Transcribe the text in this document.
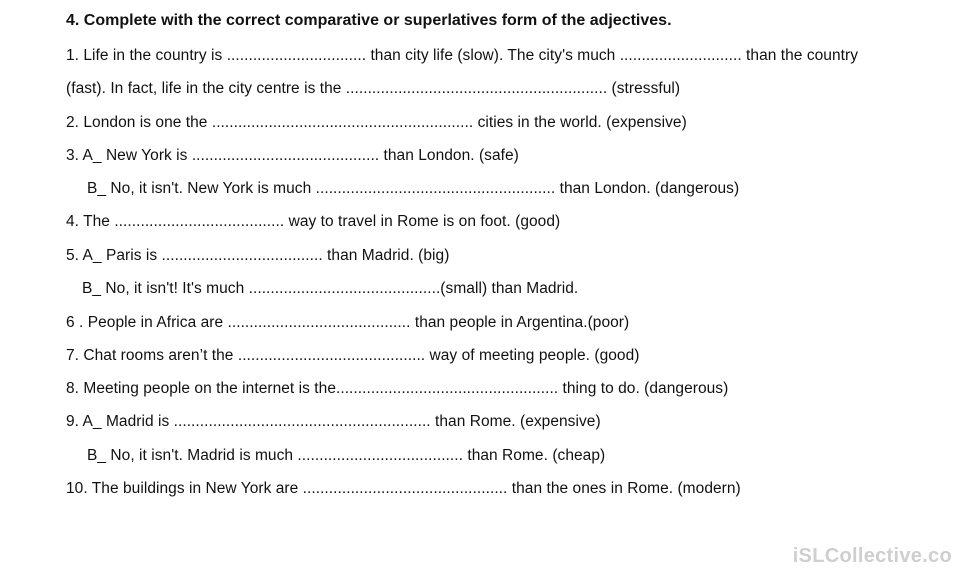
4. Complete with the correct comparative or superlatives form of the adjectives.
1. Life in the country is ................................ than city life (slow). The city's much ............................ than the country
(fast). In fact, life in the city centre is the ............................................................ (stressful)
2. London is one the ............................................................ cities in the world. (expensive)
3. A_ New York is ........................................... than London. (safe)
B_ No, it isn't. New York is much ....................................................... than London. (dangerous)
4. The ....................................... way to travel in Rome is on foot. (good)
5. A_ Paris is ..................................... than Madrid. (big)
B_ No, it isn't! It's much ............................................(small) than Madrid.
6 . People in Africa are .......................................... than people in Argentina.(poor)
7. Chat rooms aren’t the ........................................... way of meeting people. (good)
8. Meeting people on the internet is the................................................... thing to do. (dangerous)
9. A_ Madrid is ........................................................... than Rome. (expensive)
B_ No, it isn't. Madrid is much ...................................... than Rome. (cheap)
10. The buildings in New York are ............................................... than the ones in Rome. (modern)
iSLCollective.co
